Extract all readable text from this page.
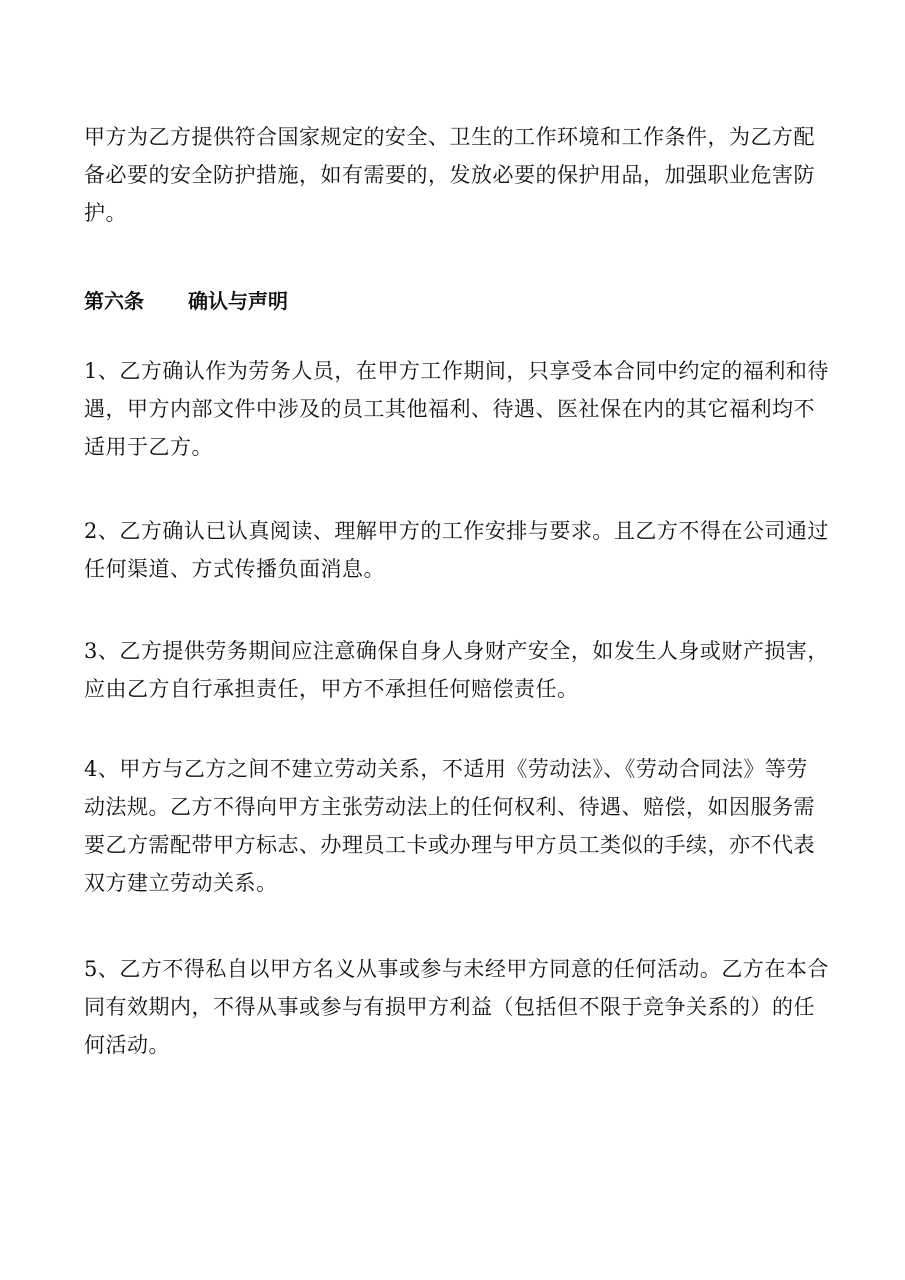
甲方为乙方提供符合国家规定的安全、卫生的工作环境和工作条件，为乙方配
备必要的安全防护措施，如有需要的，发放必要的保护用品，加强职业危害防
护。

第六条 确认与声明

1、乙方确认作为劳务人员，在甲方工作期间，只享受本合同中约定的福利和待
遇，甲方内部文件中涉及的员工其他福利、待遇、医社保在内的其它福利均不
适用于乙方。

2、乙方确认已认真阅读、理解甲方的工作安排与要求。且乙方不得在公司通过
任何渠道、方式传播负面消息。

3、乙方提供劳务期间应注意确保自身人身财产安全，如发生人身或财产损害，
应由乙方自行承担责任，甲方不承担任何赔偿责任。

4、甲方与乙方之间不建立劳动关系，不适用《劳动法》、《劳动合同法》等劳
动法规。乙方不得向甲方主张劳动法上的任何权利、待遇、赔偿，如因服务需
要乙方需配带甲方标志、办理员工卡或办理与甲方员工类似的手续，亦不代表
双方建立劳动关系。

5、乙方不得私自以甲方名义从事或参与未经甲方同意的任何活动。乙方在本合
同有效期内，不得从事或参与有损甲方利益（包括但不限于竞争关系的）的任
何活动。
